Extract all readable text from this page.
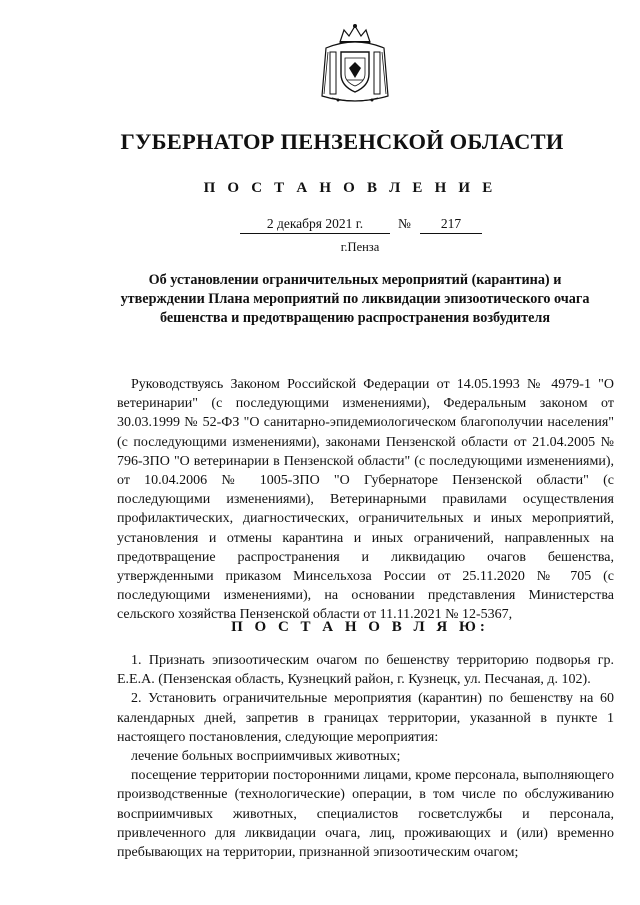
ГУБЕРНАТОР ПЕНЗЕНСКОЙ ОБЛАСТИ
П О С Т А Н О В Л Е Н И Е
2 декабря 2021 г.	№	217
г.Пенза
Об установлении ограничительных мероприятий (карантина) и утверждении Плана мероприятий по ликвидации эпизоотического очага бешенства и предотвращению распространения возбудителя
Руководствуясь Законом Российской Федерации от 14.05.1993 № 4979-1 "О ветеринарии" (с последующими изменениями), Федеральным законом от 30.03.1999 № 52-ФЗ "О санитарно-эпидемиологическом благополучии населения" (с последующими изменениями), законами Пензенской области от 21.04.2005 № 796-ЗПО "О ветеринарии в Пензенской области" (с последующими изменениями), от 10.04.2006 № 1005-ЗПО "О Губернаторе Пензенской области" (с последующими изменениями), Ветеринарными правилами осуществления профилактических, диагностических, ограничительных и иных мероприятий, установления и отмены карантина и иных ограничений, направленных на предотвращение распространения и ликвидацию очагов бешенства, утвержденными приказом Минсельхоза России от 25.11.2020 № 705 (с последующими изменениями), на основании представления Министерства сельского хозяйства Пензенской области от 11.11.2021 № 12-5367,
П О С Т А Н О В Л Я Ю:

1. Признать эпизоотическим очагом по бешенству территорию подворья гр. Е.Е.А. (Пензенская область, Кузнецкий район, г. Кузнецк, ул. Песчаная, д. 102).

2. Установить ограничительные мероприятия (карантин) по бешенству на 60 календарных дней, запретив в границах территории, указанной в пункте 1 настоящего постановления, следующие мероприятия:

лечение больных восприимчивых животных;

посещение территории посторонними лицами, кроме персонала, выполняющего производственные (технологические) операции, в том числе по обслуживанию восприимчивых животных, специалистов госветслужбы и персонала, привлеченного для ликвидации очага, лиц, проживающих и (или) временно пребывающих на территории, признанной эпизоотическим очагом;
